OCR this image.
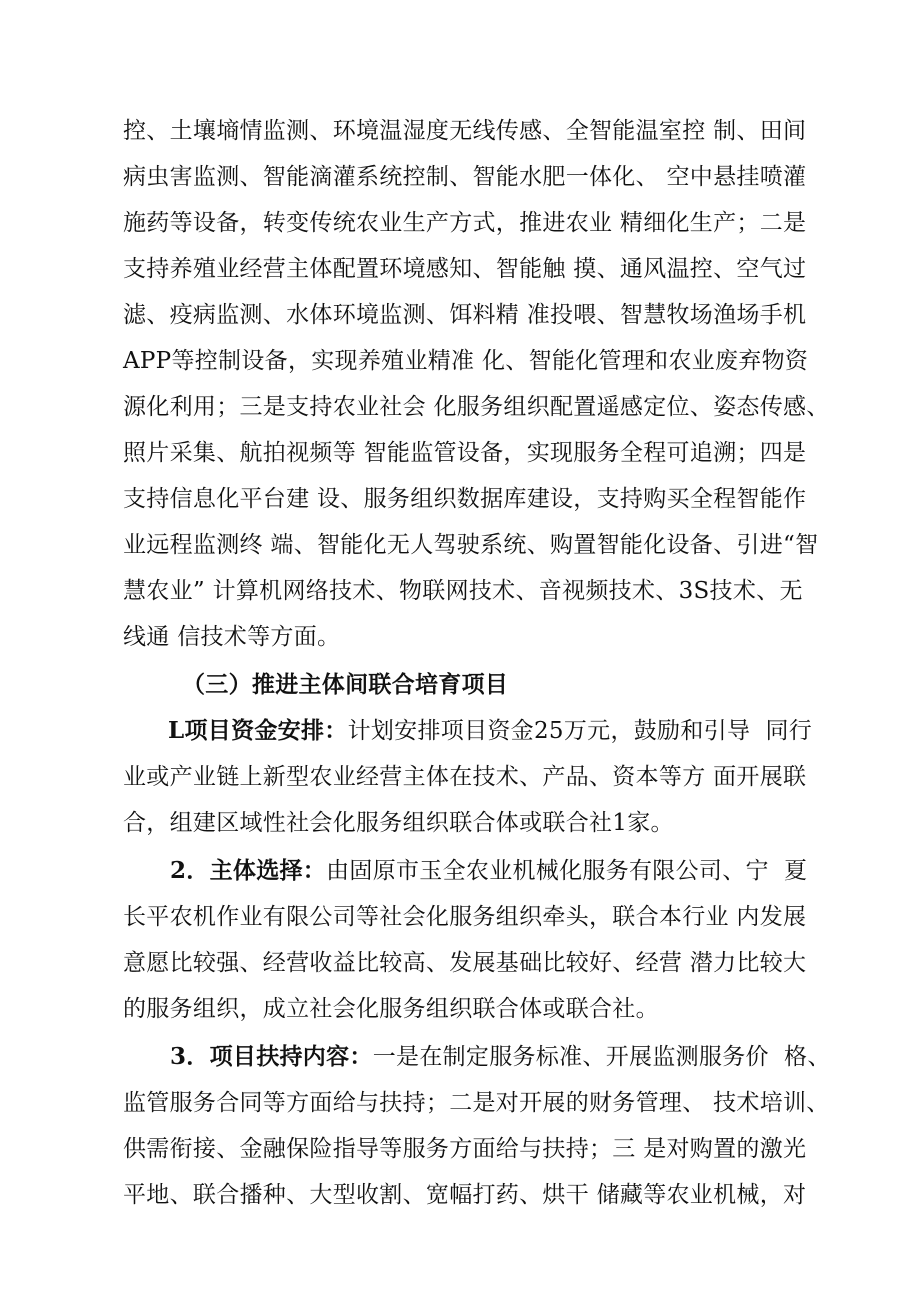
控、土壤墒情监测、环境温湿度无线传感、全智能温室控 制、田间
病虫害监测、智能滴灌系统控制、智能水肥一体化、 空中悬挂喷灌
施药等设备，转变传统农业生产方式，推进农业 精细化生产；二是
支持养殖业经营主体配置环境感知、智能触 摸、通风温控、空气过
滤、疫病监测、水体环境监测、饵料精 准投喂、智慧牧场渔场手机
APP等控制设备，实现养殖业精准 化、智能化管理和农业废弃物资
源化利用；三是支持农业社会 化服务组织配置遥感定位、姿态传感、
照片采集、航拍视频等 智能监管设备，实现服务全程可追溯；四是
支持信息化平台建 设、服务组织数据库建设，支持购买全程智能作
业远程监测终 端、智能化无人驾驶系统、购置智能化设备、引进“智
慧农业” 计算机网络技术、物联网技术、音视频技术、3S技术、无
线通 信技术等方面。
（三）推进主体间联合培育项目
L项目资金安排：计划安排项目资金25万元，鼓励和引导  同行
业或产业链上新型农业经营主体在技术、产品、资本等方 面开展联
合，组建区域性社会化服务组织联合体或联合社1家。
2．主体选择：由固原市玉全农业机械化服务有限公司、宁  夏
长平农机作业有限公司等社会化服务组织牵头，联合本行业 内发展
意愿比较强、经营收益比较高、发展基础比较好、经营 潜力比较大
的服务组织，成立社会化服务组织联合体或联合社。
3．项目扶持内容：一是在制定服务标准、开展监测服务价  格、
监管服务合同等方面给与扶持；二是对开展的财务管理、 技术培训、
供需衔接、金融保险指导等服务方面给与扶持；三 是对购置的激光
平地、联合播种、大型收割、宽幅打药、烘干 储藏等农业机械，对
